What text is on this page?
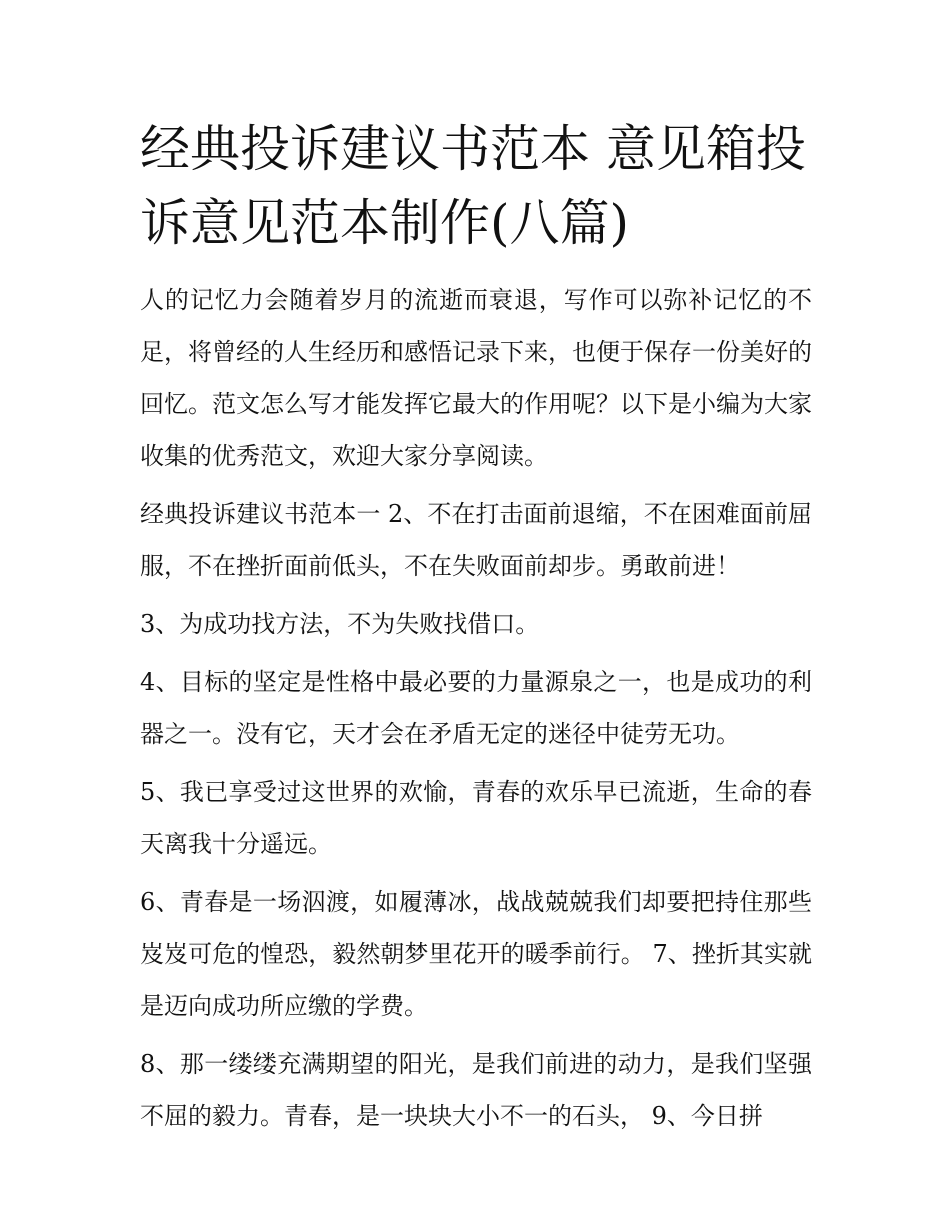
经典投诉建议书范本 意见箱投诉意见范本制作(八篇)

人的记忆力会随着岁月的流逝而衰退，写作可以弥补记忆的不足，将曾经的人生经历和感悟记录下来，也便于保存一份美好的回忆。范文怎么写才能发挥它最大的作用呢？以下是小编为大家收集的优秀范文，欢迎大家分享阅读。

经典投诉建议书范本一 2、不在打击面前退缩，不在困难面前屈服，不在挫折面前低头，不在失败面前却步。勇敢前进！

3、为成功找方法，不为失败找借口。

4、目标的坚定是性格中最必要的力量源泉之一，也是成功的利器之一。没有它，天才会在矛盾无定的迷径中徒劳无功。

5、我已享受过这世界的欢愉，青春的欢乐早已流逝，生命的春天离我十分遥远。

6、青春是一场泅渡，如履薄冰，战战兢兢我们却要把持住那些岌岌可危的惶恐，毅然朝梦里花开的暖季前行。 7、挫折其实就是迈向成功所应缴的学费。

8、那一缕缕充满期望的阳光，是我们前进的动力，是我们坚强不屈的毅力。青春，是一块块大小不一的石头， 9、今日拼
